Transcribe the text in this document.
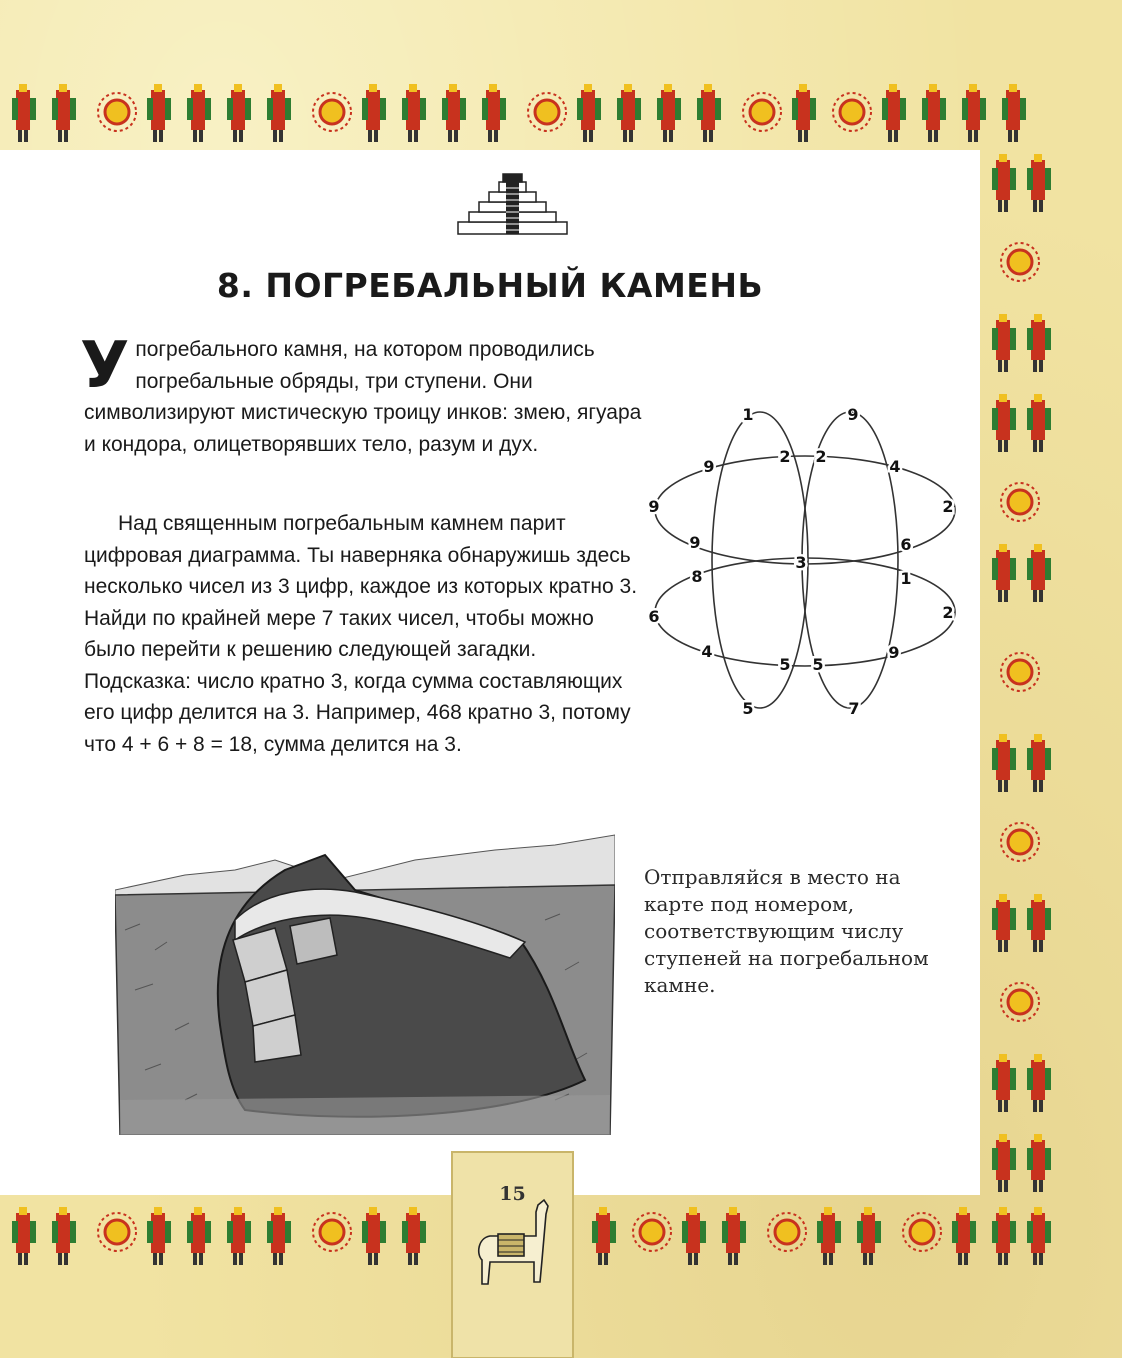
8. ПОГРЕБАЛЬНЫЙ КАМЕНЬ

Упогребального камня, на котором проводились погребальные обряды, три ступени. Они символизируют мистическую троицу инков: змею, ягуара и кондора, олицетворявших тело, разум и дух.

Над священным погребальным камнем парит цифровая диаграмма. Ты наверняка обнаружишь здесь несколько чисел из 3 цифр, каждое из которых кратно 3. Найди по крайней мере 7 таких чисел, чтобы можно было перейти к решению следующей загадки. Подсказка: число кратно 3, когда сумма составляющих его цифр делится на 3. Например, 468 кратно 3, потому что 4 + 6 + 8 = 18, сумма делится на 3.

1	9
2 2
9	4
9	2
9	6
3
8	1
6	2
4
5 5
9
5	7

Отправляйся в место на карте под номером, соответствующим числу ступеней на погребальном камне.

15
